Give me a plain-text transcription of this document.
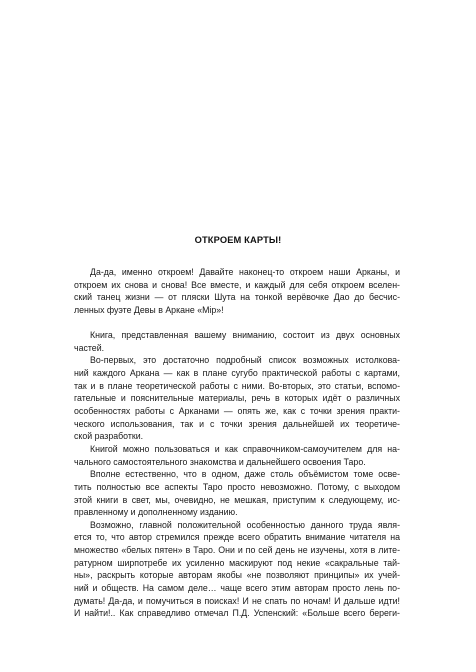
ОТКРОЕМ КАРТЫ!
Да-да, именно откроем! Давайте наконец-то откроем наши Арканы, и
откроем их снова и снова! Все вместе, и каждый для себя откроем вселен-
ский танец жизни — от пляски Шута на тонкой верёвочке Дао до бесчис-
ленных фуэте Девы в Аркане «Мір»!
Книга, представленная вашему вниманию, состоит из двух основных
частей.
Во-первых, это достаточно подробный список возможных истолкова-
ний каждого Аркана — как в плане сугубо практической работы с картами,
так и в плане теоретической работы с ними. Во-вторых, это статьи, вспомо-
гательные и пояснительные материалы, речь в которых идёт о различных
особенностях работы с Арканами — опять же, как с точки зрения практи-
ческого использования, так и с точки зрения дальнейшей их теоретиче-
ской разработки.
Книгой можно пользоваться и как справочником-самоучителем для на-
чального самостоятельного знакомства и дальнейшего освоения Таро.
Вполне естественно, что в одном, даже столь объёмистом томе осве-
тить полностью все аспекты Таро просто невозможно. Потому, с выходом
этой книги в свет, мы, очевидно, не мешкая, приступим к следующему, ис-
правленному и дополненному изданию.
Возможно, главной положительной особенностью данного труда явля-
ется то, что автор стремился прежде всего обратить внимание читателя на
множество «белых пятен» в Таро. Они и по сей день не изучены, хотя в лите-
ратурном ширпотребе их усиленно маскируют под некие «сакральные тай-
ны», раскрыть которые авторам якобы «не позволяют принципы» их учей-
ний и обществ. На самом деле… чаще всего этим авторам просто лень по-
думать! Да-да, и помучиться в поисках! И не спать по ночам! И дальше идти!
И найти!.. Как справедливо отмечал П.Д. Успенский: «Больше всего береги-
